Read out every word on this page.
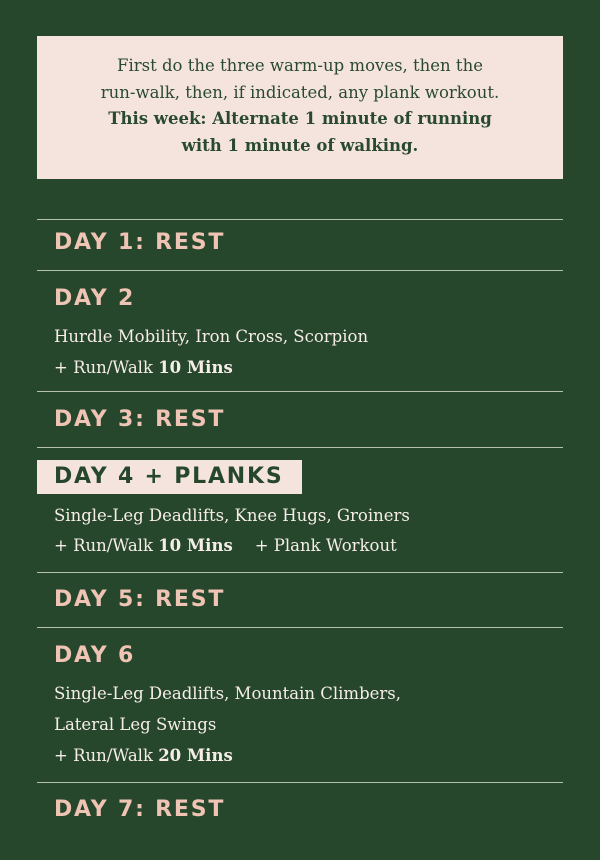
First do the three warm-up moves, then the
run-walk, then, if indicated, any plank workout.
This week: Alternate 1 minute of running
with 1 minute of walking.
DAY 1: REST
DAY 2
Hurdle Mobility, Iron Cross, Scorpion
+ Run/Walk 10 Mins
DAY 3: REST
DAY 4 + PLANKS
Single-Leg Deadlifts, Knee Hugs, Groiners
+ Run/Walk 10 Mins + Plank Workout
DAY 5: REST
DAY 6
Single-Leg Deadlifts, Mountain Climbers,
Lateral Leg Swings
+ Run/Walk 20 Mins
DAY 7: REST
